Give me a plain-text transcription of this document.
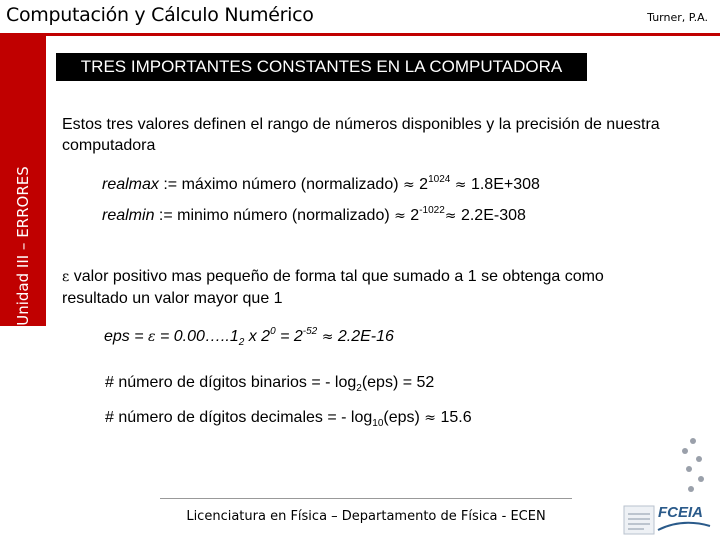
Computación y Cálculo Numérico	Turner, P.A.
Unidad III – ERRORES
TRES IMPORTANTES CONSTANTES EN LA COMPUTADORA
Estos tres valores definen el rango de números disponibles y la precisión de nuestra computadora
realmax := máximo número (normalizado) ≈ $2^{1024} \approx 1.8E+308$
realmin := minimo número (normalizado) ≈ $2^{-1022}\approx 2.2E-308$
ε valor positivo mas pequeño de forma tal que sumado a 1 se obtenga como resultado un valor mayor que 1
eps = $\varepsilon = 0.00\dots..1_2$ x $2^0 = 2^{-52} \approx 2.2E-16$
# número de dígitos binarios = - $\log_2(eps) = 52$
# número de dígitos decimales = - $\log_{10}(eps) \approx 15.6$
Licenciatura en Física – Departamento de Física - ECEN	FCEIA
